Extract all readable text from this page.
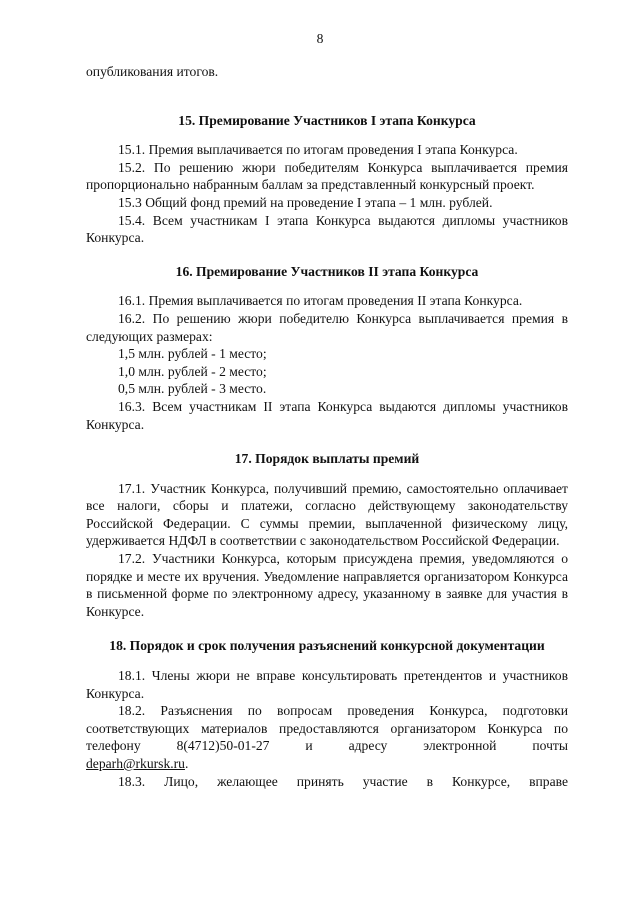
8

опубликования итогов.

15. Премирование Участников I этапа Конкурса

15.1. Премия выплачивается по итогам проведения I этапа Конкурса.

15.2. По решению жюри победителям Конкурса выплачивается премия пропорционально набранным баллам за представленный конкурсный проект.

15.3 Общий фонд премий на проведение I этапа – 1 млн. рублей.

15.4. Всем участникам I этапа Конкурса выдаются дипломы участников Конкурса.

16. Премирование Участников II этапа Конкурса

16.1. Премия выплачивается по итогам проведения II этапа Конкурса.

16.2. По решению жюри победителю Конкурса выплачивается премия в следующих размерах:

1,5 млн. рублей - 1 место;

1,0 млн. рублей - 2 место;

0,5 млн. рублей - 3 место.

16.3. Всем участникам II этапа Конкурса выдаются дипломы участников Конкурса.

17. Порядок выплаты премий

17.1. Участник Конкурса, получивший премию, самостоятельно оплачивает все налоги, сборы и платежи, согласно действующему законодательству Российской Федерации. С суммы премии, выплаченной физическому лицу, удерживается НДФЛ в соответствии с законодательством Российской Федерации.

17.2. Участники Конкурса, которым присуждена премия, уведомляются о порядке и месте их вручения. Уведомление направляется организатором Конкурса в письменной форме по электронному адресу, указанному в заявке для участия в Конкурсе.

18. Порядок и срок получения разъяснений конкурсной документации

18.1. Члены жюри не вправе консультировать претендентов и участников Конкурса.

18.2. Разъяснения по вопросам проведения Конкурса, подготовки соответствующих материалов предоставляются организатором Конкурса по телефону 8(4712)50-01-27 и адресу электронной почты

deparh@rkursk.ru.

18.3. Лицо, желающее принять участие в Конкурсе, вправе
